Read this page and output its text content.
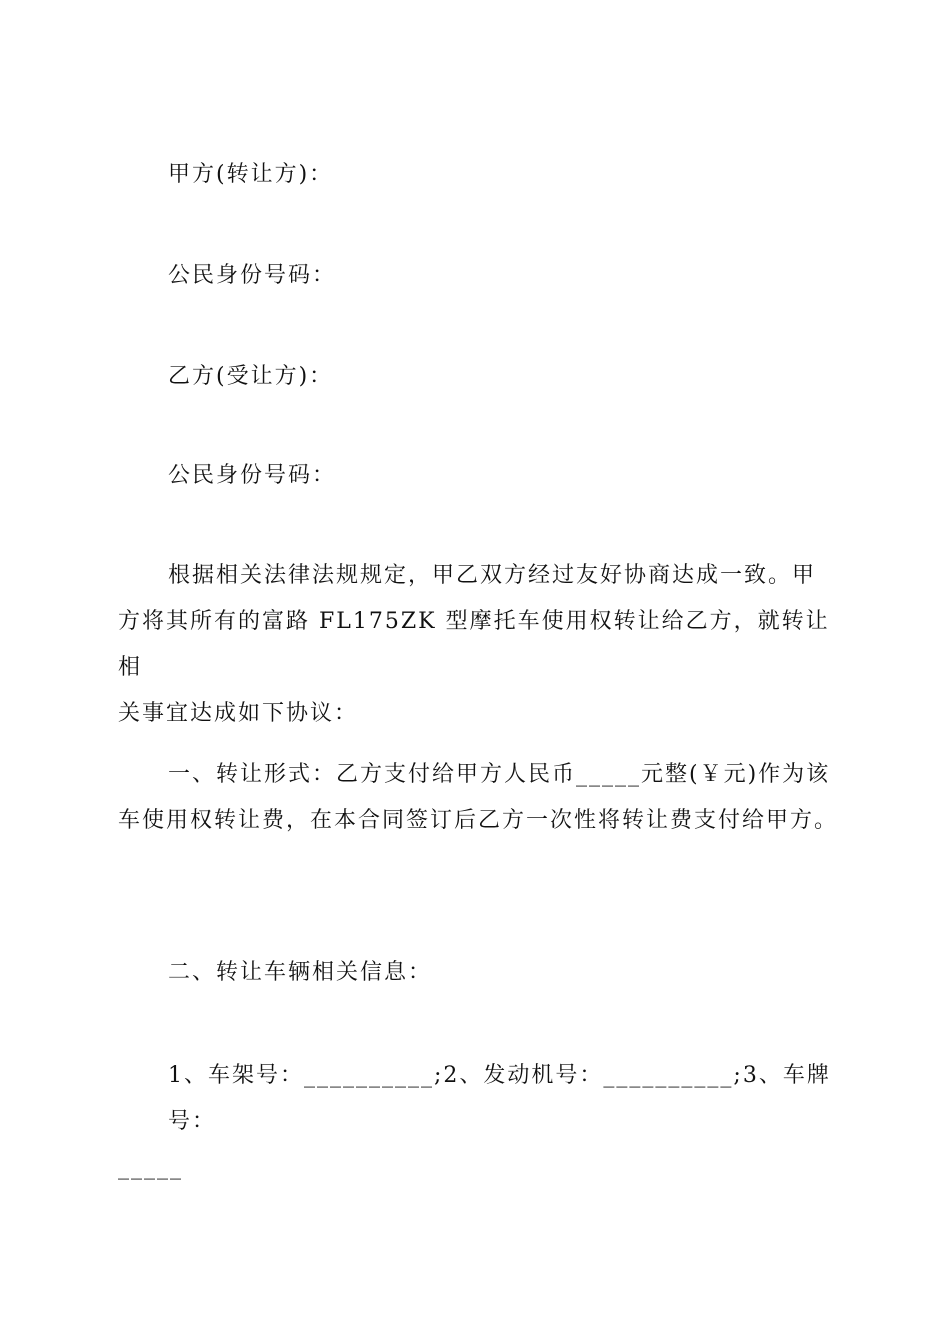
甲方(转让方)：

公民身份号码：

乙方(受让方)：

公民身份号码：

根据相关法律法规规定，甲乙双方经过友好协商达成一致。甲
方将其所有的富路 FL175ZK 型摩托车使用权转让给乙方，就转让相
关事宜达成如下协议：
一、转让形式：乙方支付给甲方人民币_____元整(￥元)作为该
车使用权转让费，在本合同签订后乙方一次性将转让费支付给甲方。

二、转让车辆相关信息：

1、车架号：__________;2、发动机号：__________;3、车牌号：
_____
